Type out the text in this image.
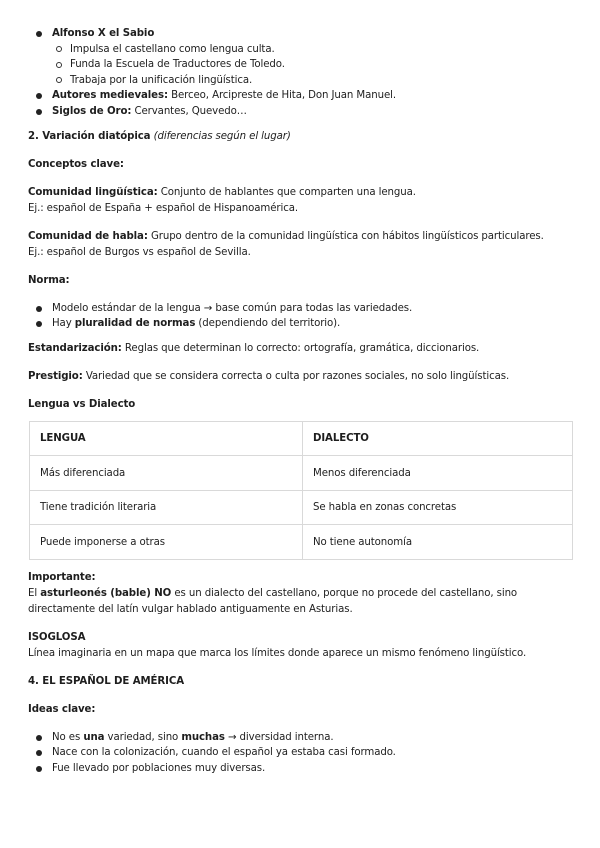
Alfonso X el Sabio
Impulsa el castellano como lengua culta.
Funda la Escuela de Traductores de Toledo.
Trabaja por la unificación lingüística.
Autores medievales: Berceo, Arcipreste de Hita, Don Juan Manuel.
Siglos de Oro: Cervantes, Quevedo…

2. Variación diatópica (diferencias según el lugar)

Conceptos clave:

Comunidad lingüística: Conjunto de hablantes que comparten una lengua.

Ej.: español de España + español de Hispanoamérica.

Comunidad de habla: Grupo dentro de la comunidad lingüística con hábitos lingüísticos particulares.

Ej.: español de Burgos vs español de Sevilla.

Norma:

Modelo estándar de la lengua → base común para todas las variedades.
Hay pluralidad de normas (dependiendo del territorio).

Estandarización: Reglas que determinan lo correcto: ortografía, gramática, diccionarios.

Prestigio: Variedad que se considera correcta o culta por razones sociales, no solo lingüísticas.

Lengua vs Dialecto

LENGUA	DIALECTO
Más diferenciada	Menos diferenciada
Tiene tradición literaria	Se habla en zonas concretas
Puede imponerse a otras	No tiene autonomía

Importante:

El asturleonés (bable) NO es un dialecto del castellano, porque no procede del castellano, sino

directamente del latín vulgar hablado antiguamente en Asturias.

ISOGLOSA

Línea imaginaria en un mapa que marca los límites donde aparece un mismo fenómeno lingüístico.

4. EL ESPAÑOL DE AMÉRICA

Ideas clave:

No es una variedad, sino muchas → diversidad interna.
Nace con la colonización, cuando el español ya estaba casi formado.
Fue llevado por poblaciones muy diversas.
